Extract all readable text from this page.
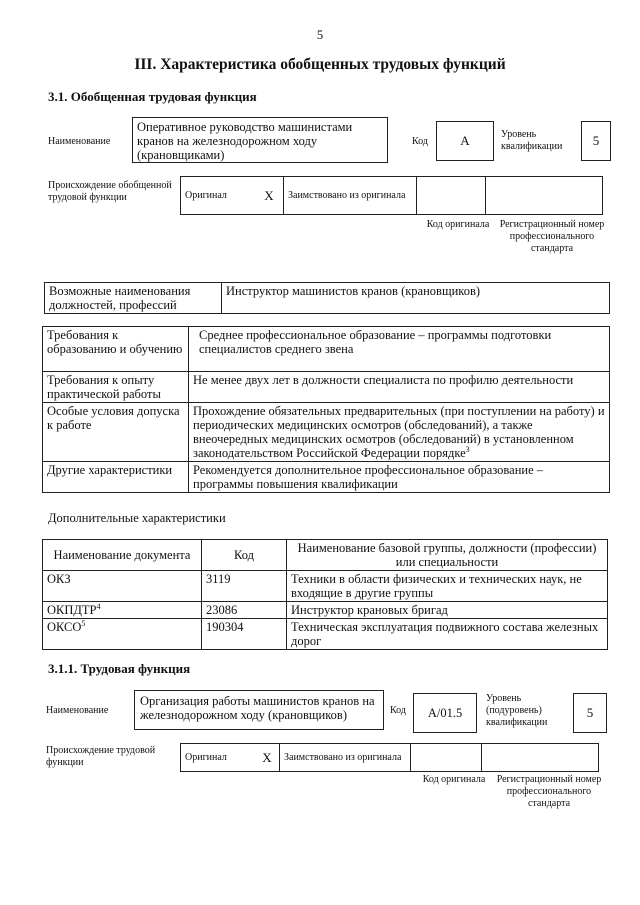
5
III. Характеристика обобщенных трудовых функций
3.1. Обобщенная трудовая функция
Наименование
Оперативное руководство машинистами кранов на железнодорожном ходу (крановщиками)
Код	А	Уровень квалификации	5
Происхождение обобщенной трудовой функции	Оригинал	X	Заимствовано из оригинала		
Код оригинала Регистрационный номер профессионального стандарта
Возможные наименования должностей, профессий	Инструктор машинистов кранов (крановщиков)
Требования к образованию и обучению	Среднее профессиональное образование – программы подготовки специалистов среднего звена
Требования к опыту практической работы	Не менее двух лет в должности специалиста по профилю деятельности
Особые условия допуска к работе	Прохождение обязательных предварительных (при поступлении на работу) и периодических медицинских осмотров (обследований), а также внеочередных медицинских осмотров (обследований) в установленном законодательством Российской Федерации порядке$^3$
Другие характеристики	Рекомендуется дополнительное профессиональное образование – программы повышения квалификации
Дополнительные характеристики
Наименование документа	Код	Наименование базовой группы, должности (профессии) или специальности
ОКЗ	3119	Техники в области физических и технических наук, не входящие в другие группы
ОКПДТР$^4$	23086	Инструктор крановых бригад
ОКСО$^5$	190304	Техническая эксплуатация подвижного состава железных дорог
3.1.1. Трудовая функция
Наименование
Организация работы машинистов кранов на железнодорожном ходу (крановщиков)	Код	А/01.5
Уровень (подуровень) квалификации
5
Происхождение трудовой функции	Оригинал	X	Заимствовано из оригинала		
Код оригинала Регистрационный номер профессионального стандарта
